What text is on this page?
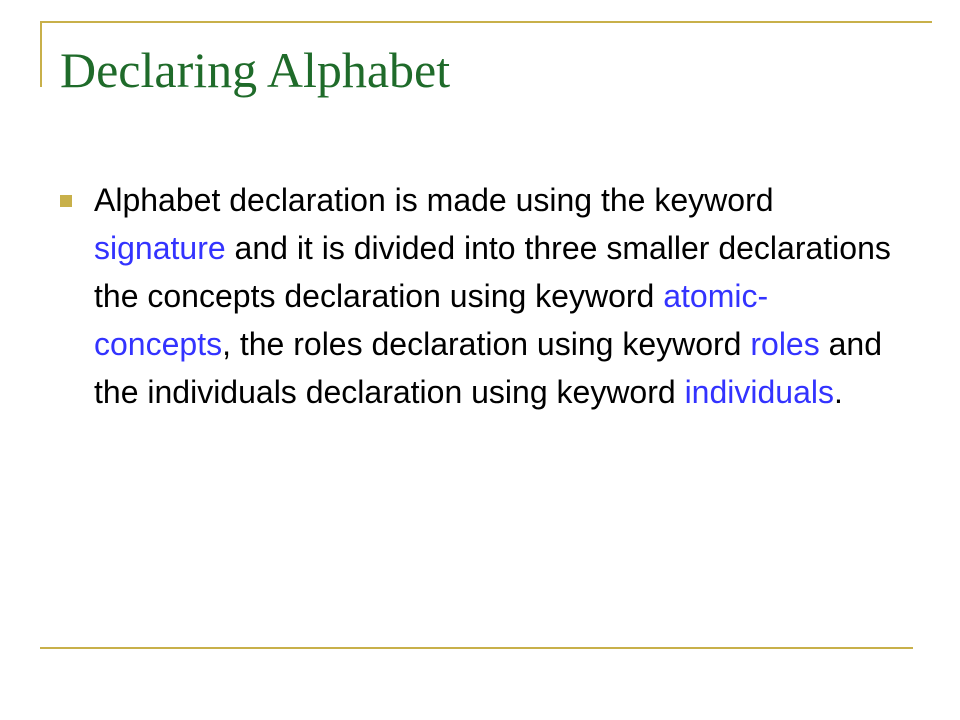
Declaring Alphabet
Alphabet declaration is made using the keyword signature and it is divided into three smaller declarations the concepts declaration using keyword atomic-concepts, the roles declaration using keyword roles and the individuals declaration using keyword individuals.
